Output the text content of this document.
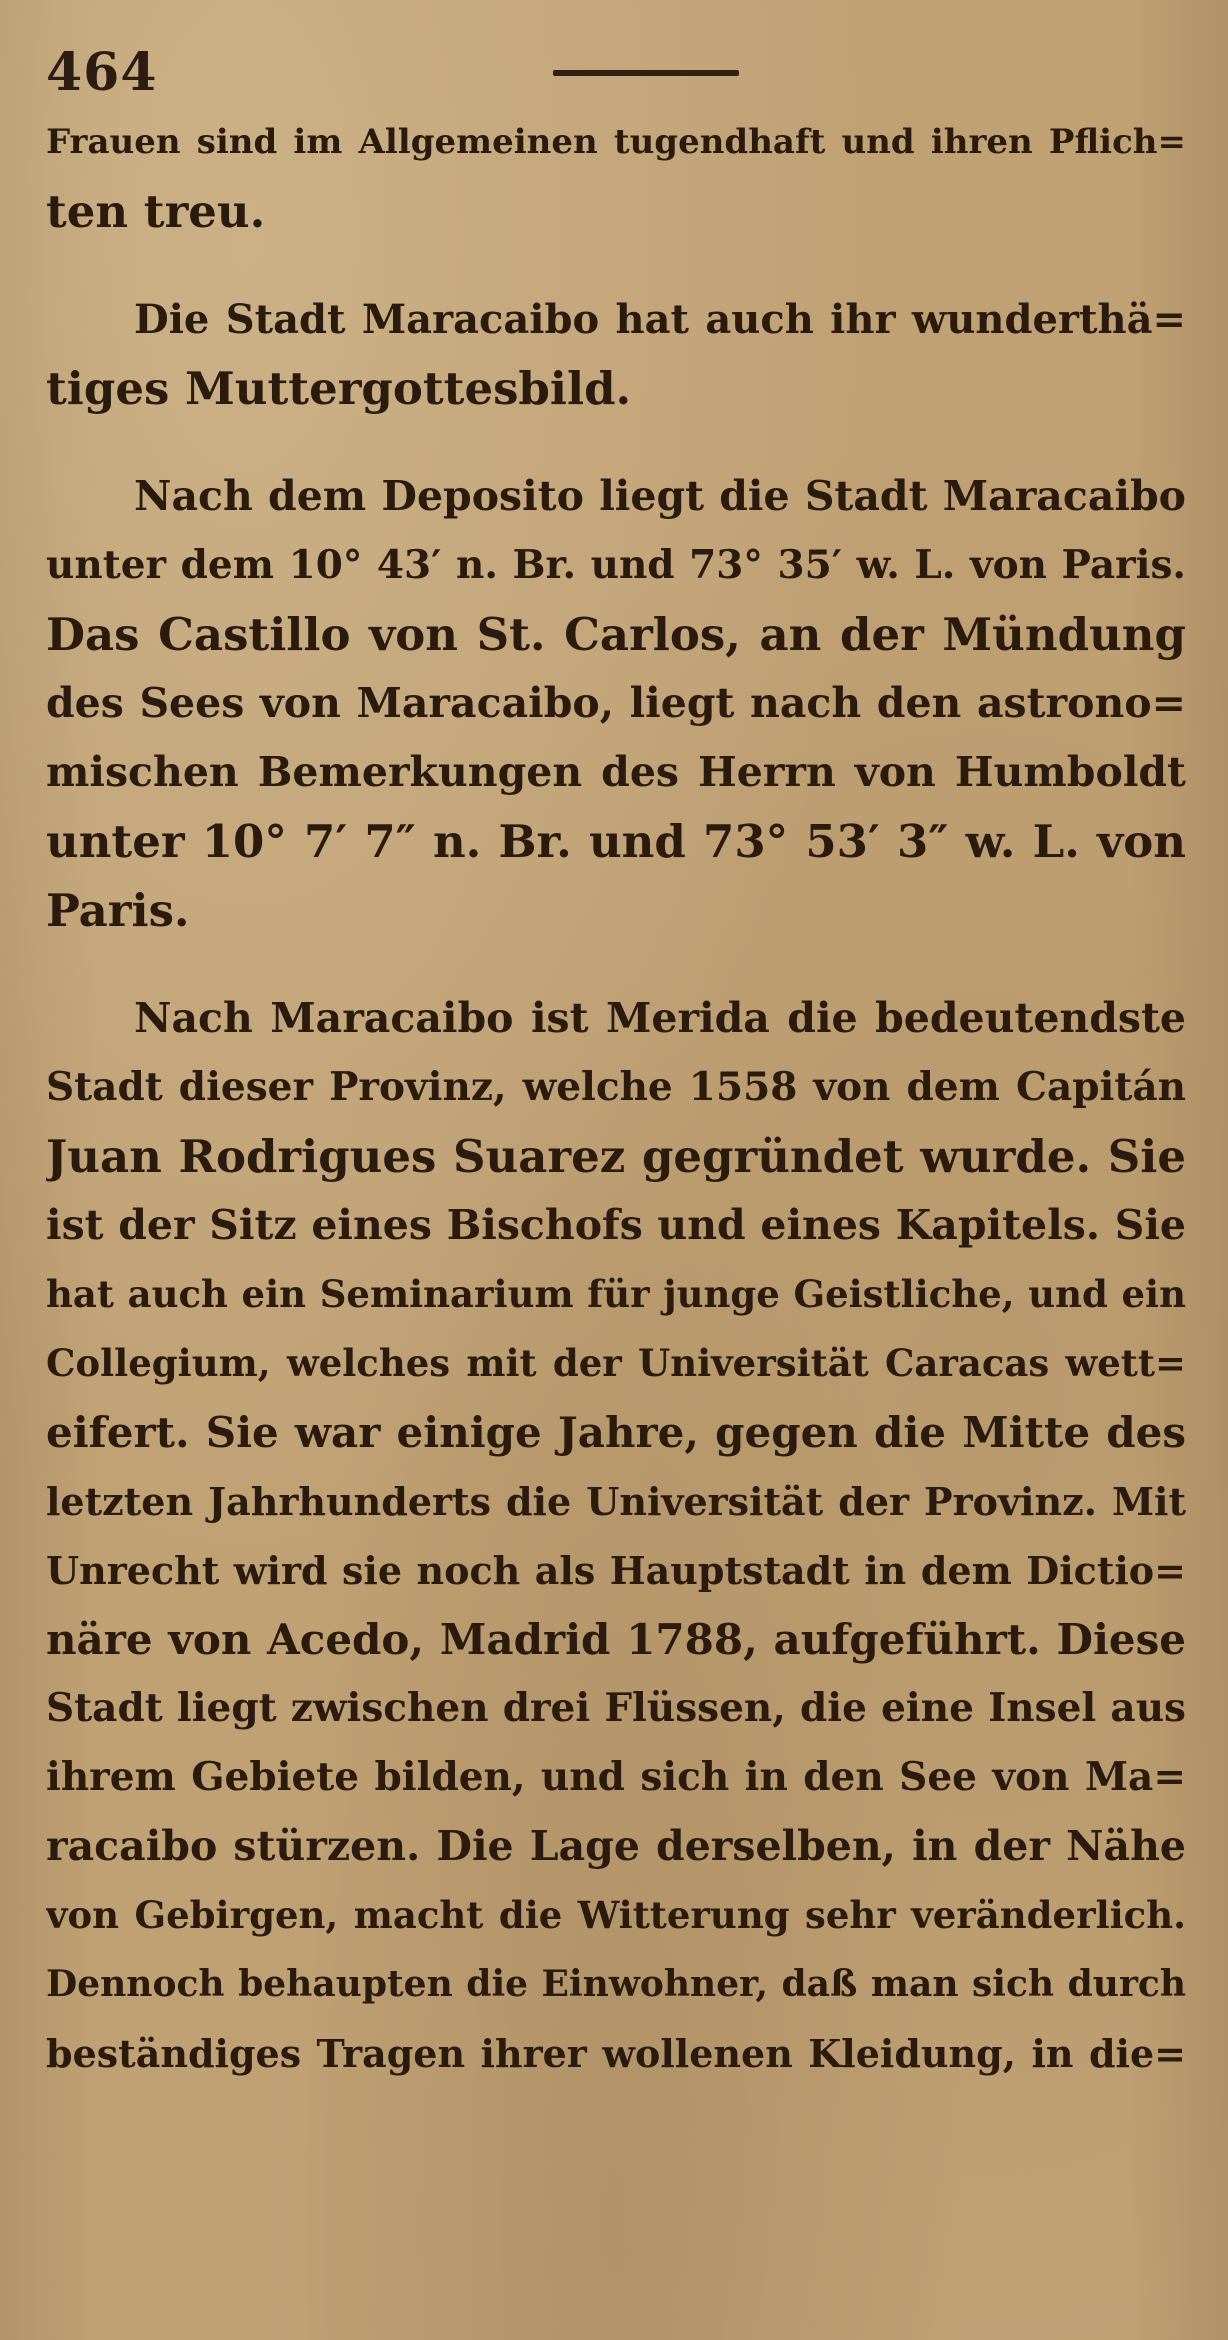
464
Frauen sind im Allgemeinen tugendhaft und ihren Pflich=
ten treu.
Die Stadt Maracaibo hat auch ihr wunderthä=
tiges Muttergottesbild.
Nach dem Deposito liegt die Stadt Maracaibo
unter dem 10° 43′ n. Br. und 73° 35′ w. L. von Paris.
Das Castillo von St. Carlos, an der Mündung
des Sees von Maracaibo, liegt nach den astrono=
mischen Bemerkungen des Herrn von Humboldt
unter 10° 7′ 7″ n. Br. und 73° 53′ 3″ w. L. von
Paris.
Nach Maracaibo ist Merida die bedeutendste
Stadt dieser Provinz, welche 1558 von dem Capitán
Juan Rodrigues Suarez gegründet wurde. Sie
ist der Sitz eines Bischofs und eines Kapitels. Sie
hat auch ein Seminarium für junge Geistliche, und ein
Collegium, welches mit der Universität Caracas wett=
eifert. Sie war einige Jahre, gegen die Mitte des
letzten Jahrhunderts die Universität der Provinz. Mit
Unrecht wird sie noch als Hauptstadt in dem Dictio=
näre von Acedo, Madrid 1788, aufgeführt. Diese
Stadt liegt zwischen drei Flüssen, die eine Insel aus
ihrem Gebiete bilden, und sich in den See von Ma=
racaibo stürzen. Die Lage derselben, in der Nähe
von Gebirgen, macht die Witterung sehr veränderlich.
Dennoch behaupten die Einwohner, daß man sich durch
beständiges Tragen ihrer wollenen Kleidung, in die=
